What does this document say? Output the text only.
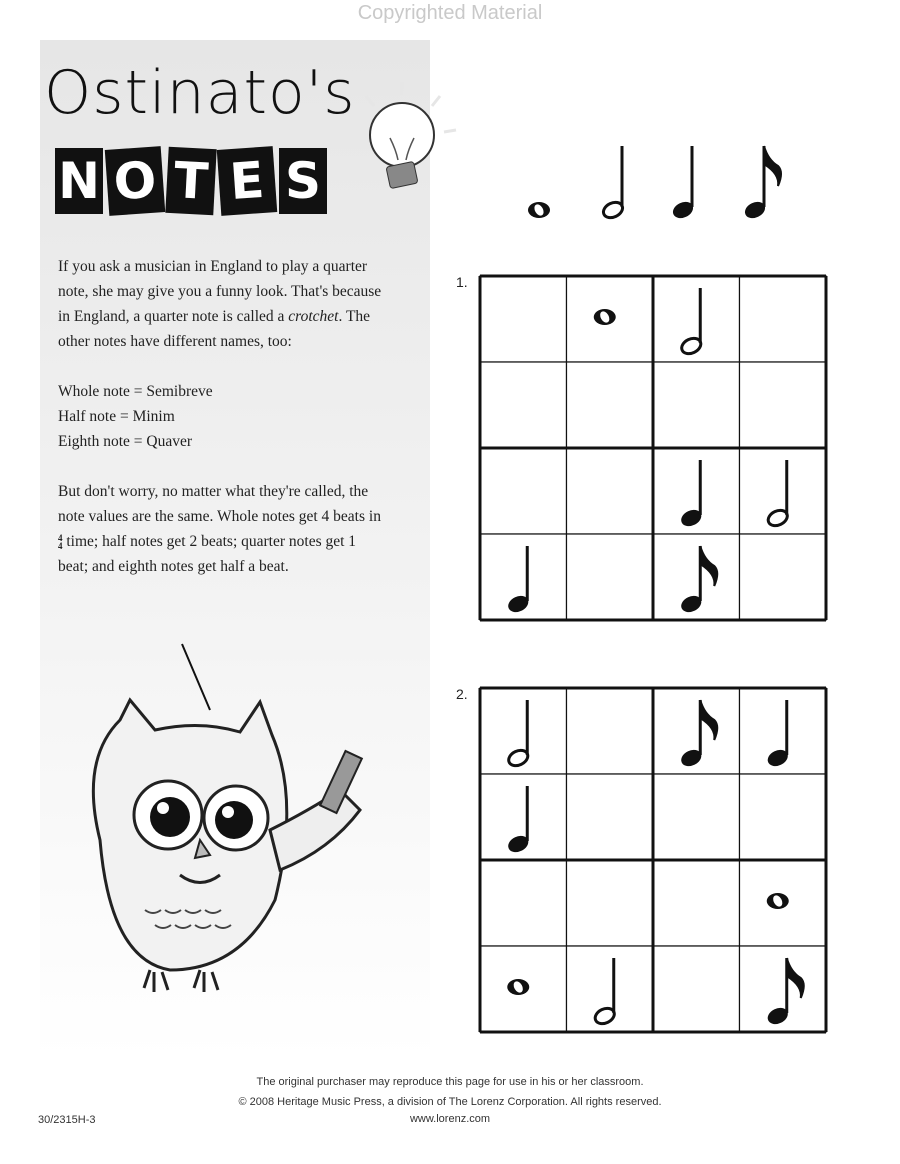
Copyrighted Material
Ostinato's
N O T E S

If you ask a musician in England to play a quarter note, she may give you a funny look. That's because in England, a quarter note is called a crotchet. The other notes have different names, too:

Whole note = Semibreve
Half note = Minim
Eighth note = Quaver

But don't worry, no matter what they're called, the note values are the same. Whole notes get 4 beats in 4
4 time; half notes get 2 beats; quarter notes get 1 beat; and eighth notes get half a beat.

1.
2.
The original purchaser may reproduce this page for use in his or her classroom.
© 2008 Heritage Music Press, a division of The Lorenz Corporation. All rights reserved.
www.lorenz.com
30/2315H-3
